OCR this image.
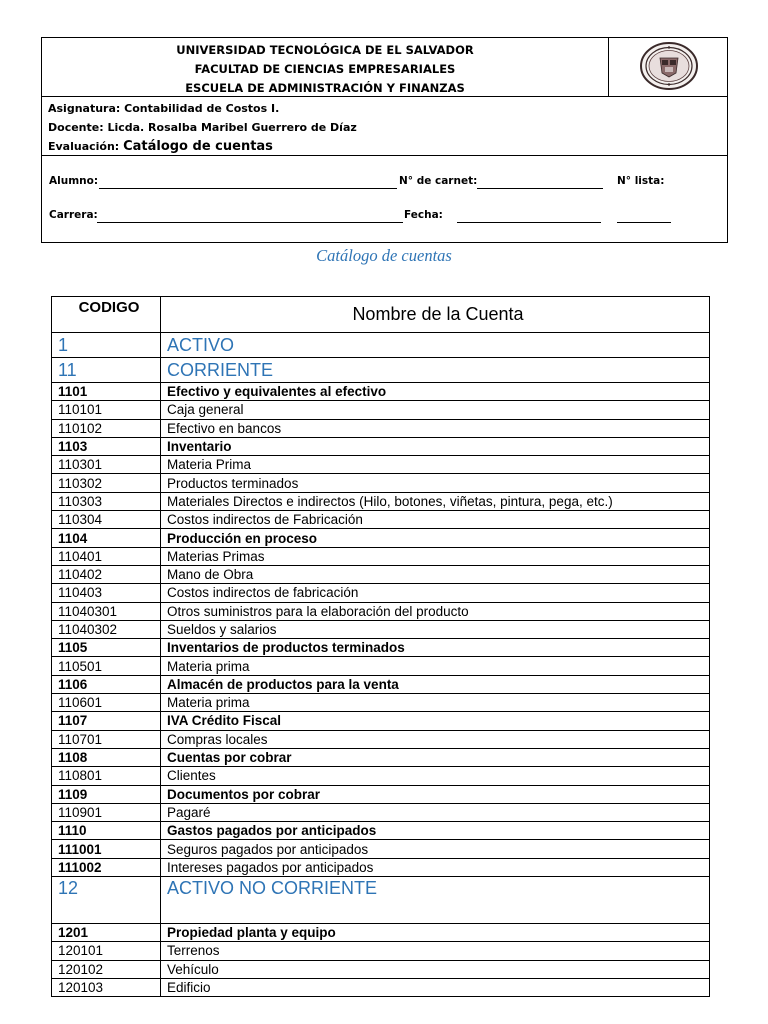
UNIVERSIDAD TECNOLÓGICA DE EL SALVADOR
FACULTAD DE CIENCIAS EMPRESARIALES
ESCUELA DE ADMINISTRACIÓN Y FINANZAS
Asignatura: Contabilidad de Costos I.
Docente: Licda. Rosalba Maribel Guerrero de Díaz
Evaluación: Catálogo de cuentas
Alumno:	N° de carnet:	N° lista:
Carrera:	Fecha:
Catálogo de cuentas
CODIGO	Nombre de la Cuenta
1	ACTIVO
11	CORRIENTE
1101	Efectivo y equivalentes al efectivo
110101	Caja general
110102	Efectivo en bancos
1103	Inventario
110301	Materia Prima
110302	Productos terminados
110303	Materiales Directos e indirectos (Hilo, botones, viñetas, pintura, pega, etc.)
110304	Costos indirectos de Fabricación
1104	Producción en proceso
110401	Materias Primas
110402	Mano de Obra
110403	Costos indirectos de fabricación
11040301	Otros suministros para la elaboración del producto
11040302	Sueldos y salarios
1105	Inventarios de productos terminados
110501	Materia prima
1106	Almacén de productos para la venta
110601	Materia prima
1107	IVA Crédito Fiscal
110701	Compras locales
1108	Cuentas por cobrar
110801	Clientes
1109	Documentos por cobrar
110901	Pagaré
1110	Gastos pagados por anticipados
111001	Seguros pagados por anticipados
111002	Intereses pagados por anticipados
12	ACTIVO NO CORRIENTE
1201	Propiedad planta y equipo
120101	Terrenos
120102	Vehículo
120103	Edificio
